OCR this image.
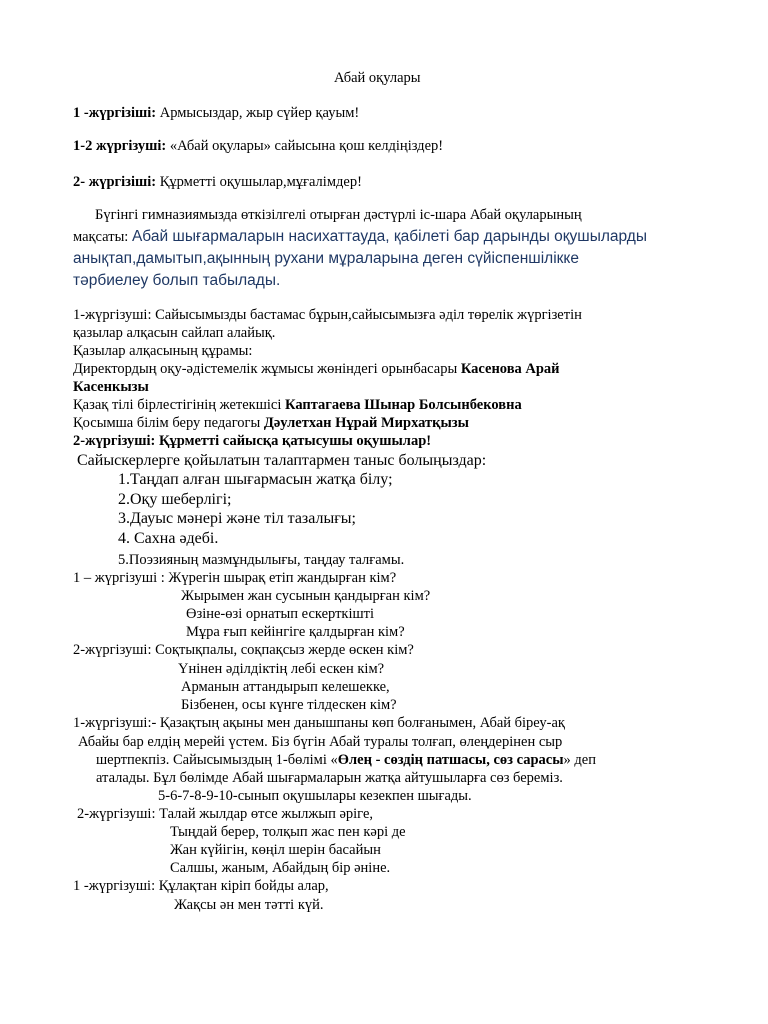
Абай оқулары
1 -жүргізіші: Армысыздар, жыр сүйер қауым!
1-2 жүргізуші: «Абай оқулары» сайысына қош келдіңіздер!
2- жүргізіші: Құрметті оқушылар,мұғалімдер!
Бүгінгі гимназиямызда өткізілгелі отырған дәстүрлі іс-шара Абай оқуларының
мақсаты: Абай шығармаларын насихаттауда, қабілеті бар дарынды оқушыларды
анықтап,дамытып,ақынның рухани мұраларына деген сүйіспеншілікке
тәрбиелеу болып табылады.
1-жүргізуші: Сайысымызды бастамас бұрын,сайысымызға әділ төрелік жүргізетін
қазылар алқасын сайлап алайық.
Қазылар алқасының құрамы:
Директордың оқу-әдістемелік жұмысы жөніндегі орынбасары Касенова Арай
Касенкызы
Қазақ тілі бірлестігінің жетекшісі Каптагаева Шынар Болсынбековна
Қосымша білім беру педагогы Дәулетхан Нұрай Мирхатқызы
2-жүргізуші: Құрметті сайысқа қатысушы оқушылар!
Сайыскерлерге қойылатын талаптармен таныс болыңыздар:
1.Таңдап алған шығармасын жатқа білу;
2.Оқу шеберлігі;
3.Дауыс мәнері және тіл тазалығы;
4. Сахна әдебі.
5.Поэзияның мазмұндылығы, таңдау талғамы.
1 – жүргізуші : Жүрегін шырақ етіп жандырған кім?
Жырымен жан сусынын қандырған кім?
Өзіне-өзі орнатып ескерткішті
Мұра ғып кейінгіге қалдырған кім?
2-жүргізуші: Соқтықпалы, соқпақсыз жерде өскен кім?
Үнінен әділдіктің лебі ескен кім?
Арманын аттандырып келешекке,
Бізбенен, осы күнге тілдескен кім?
1-жүргізуші:- Қазақтың ақыны мен данышпаны көп болғанымен, Абай біреу-ақ
Абайы бар елдің мерейі үстем. Біз бүгін Абай туралы толғап, өлеңдерінен сыр
шертпекпіз. Сайысымыздың 1-бөлімі «Өлең - сөздің патшасы, сөз сарасы» деп
аталады. Бұл бөлімде Абай шығармаларын жатқа айтушыларға сөз береміз.
5-6-7-8-9-10-сынып оқушылары кезекпен шығады.
2-жүргізуші: Талай жылдар өтсе жылжып әріге,
Тыңдай берер, толқып жас пен кәрі де
Жан күйігін, көңіл шерін басайын
Салшы, жаным, Абайдың бір әніне.
1 -жүргізуші: Құлақтан кіріп бойды алар,
Жақсы ән мен тәтті күй.
